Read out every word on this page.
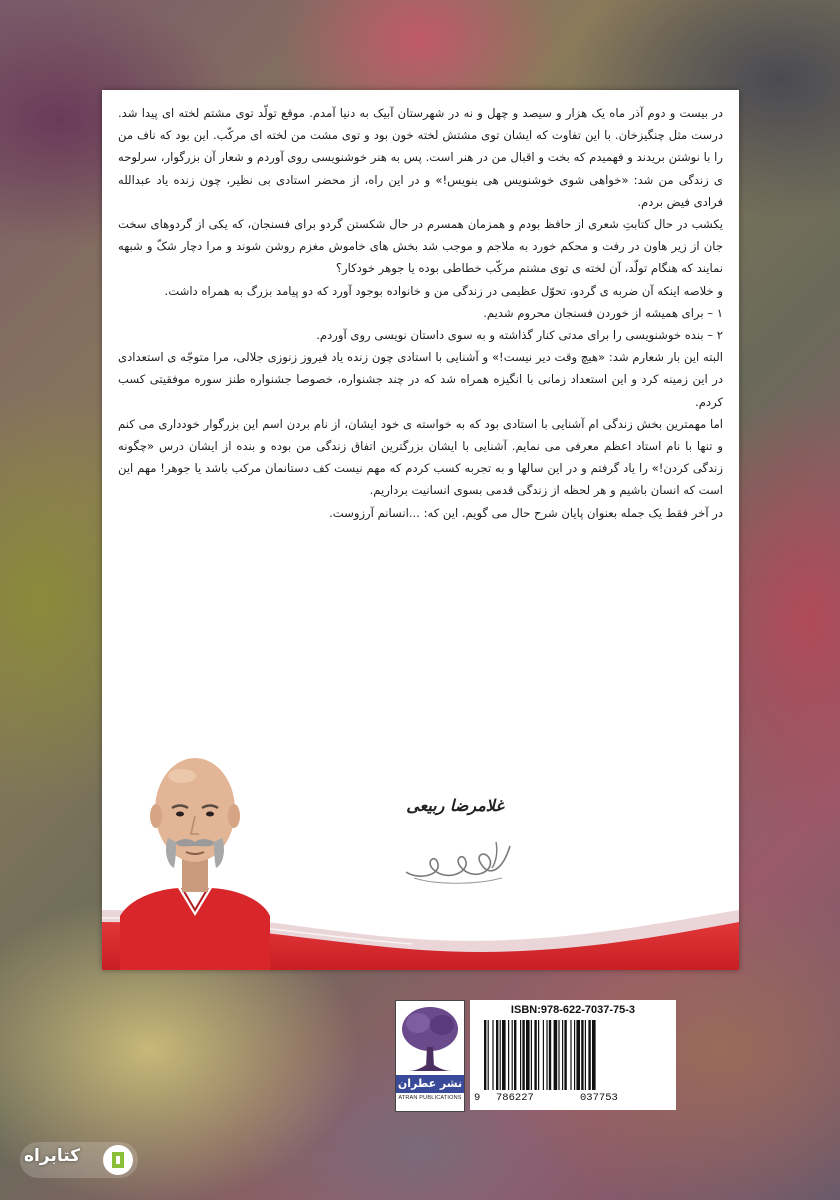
در بیست و دوم آذر ماه یک هزار و سیصد و چهل و نه در شهرستان آبیک به دنیا آمدم. موقع تولّد توی مشتم لخته ای پیدا شد. درست مثل چنگیزخان. با این تفاوت که ایشان توی مشتش لخته خون بود و توی مشت من لخته ای مرکّب. این بود که ناف من را با نوشتن بریدند و فهمیدم که بخت و اقبال من در هنر است. پس به هنر خوشنویسی روی آوردم و شعار آن بزرگوار، سرلوحه ی زندگی من شد: «خواهی شوی خوشنویس هی بنویس!» و در این راه، از محضر استادی بی نظیر، چون زنده یاد عبدالله فرادی فیض بردم.

یکشب در حال کتابتِ شعری از حافظ بودم و همزمان همسرم در حال شکستن گردو برای فسنجان، که یکی از گردوهای سخت جان از زیر هاون در رفت و محکم خورد به ملاجم و موجب شد بخش های خاموش مغزم روشن شوند و مرا دچار شکّ و شبهه نمایند که هنگام تولّد، آن لخته ی توی مشتم مرکّب خطاطی بوده یا جوهر خودکار؟

و خلاصه اینکه آن ضربه ی گردو، تحوّل عظیمی در زندگی من و خانواده بوجود آورد که دو پیامد بزرگ به همراه داشت.

۱ – برای همیشه از خوردن فسنجان محروم شدیم.

۲ – بنده خوشنویسی را برای مدتی کنار گذاشته و به سوی داستان نویسی روی آوردم.

البته این بار شعارم شد: «هیچ وقت دیر نیست!» و آشنایی با استادی چون زنده یاد فیروز زنوزی جلالی، مرا متوجّه ی استعدادی در این زمینه کرد و این استعداد زمانی با انگیزه همراه شد که در چند جشنواره، خصوصا جشنواره طنز سوره موفقیتی کسب کردم.

اما مهمترین بخش زندگی ام آشنایی با استادی بود که به خواسته ی خود ایشان، از نام بردن اسم این بزرگوار خودداری می کنم و تنها با نام استاد اعظم معرفی می نمایم. آشنایی با ایشان بزرگترین اتفاق زندگی من بوده و بنده از ایشان درس «چگونه زندگی کردن!» را یاد گرفتم و در این سالها و به تجربه کسب کردم که مهم نیست کف دستانمان مرکب باشد یا جوهر! مهم این است که انسان باشیم و هر لحظه از زندگی قدمی بسوی انسانیت برداریم.

در آخر فقط یک جمله بعنوان پایان شرح حال می گویم. این که: ...انسانم آرزوست.

غلامرضا ربیعی
نشر عطران
ATRAN PUBLICATIONS
ISBN:978-622-7037-75-3
9 786227	037753
کتابراه
